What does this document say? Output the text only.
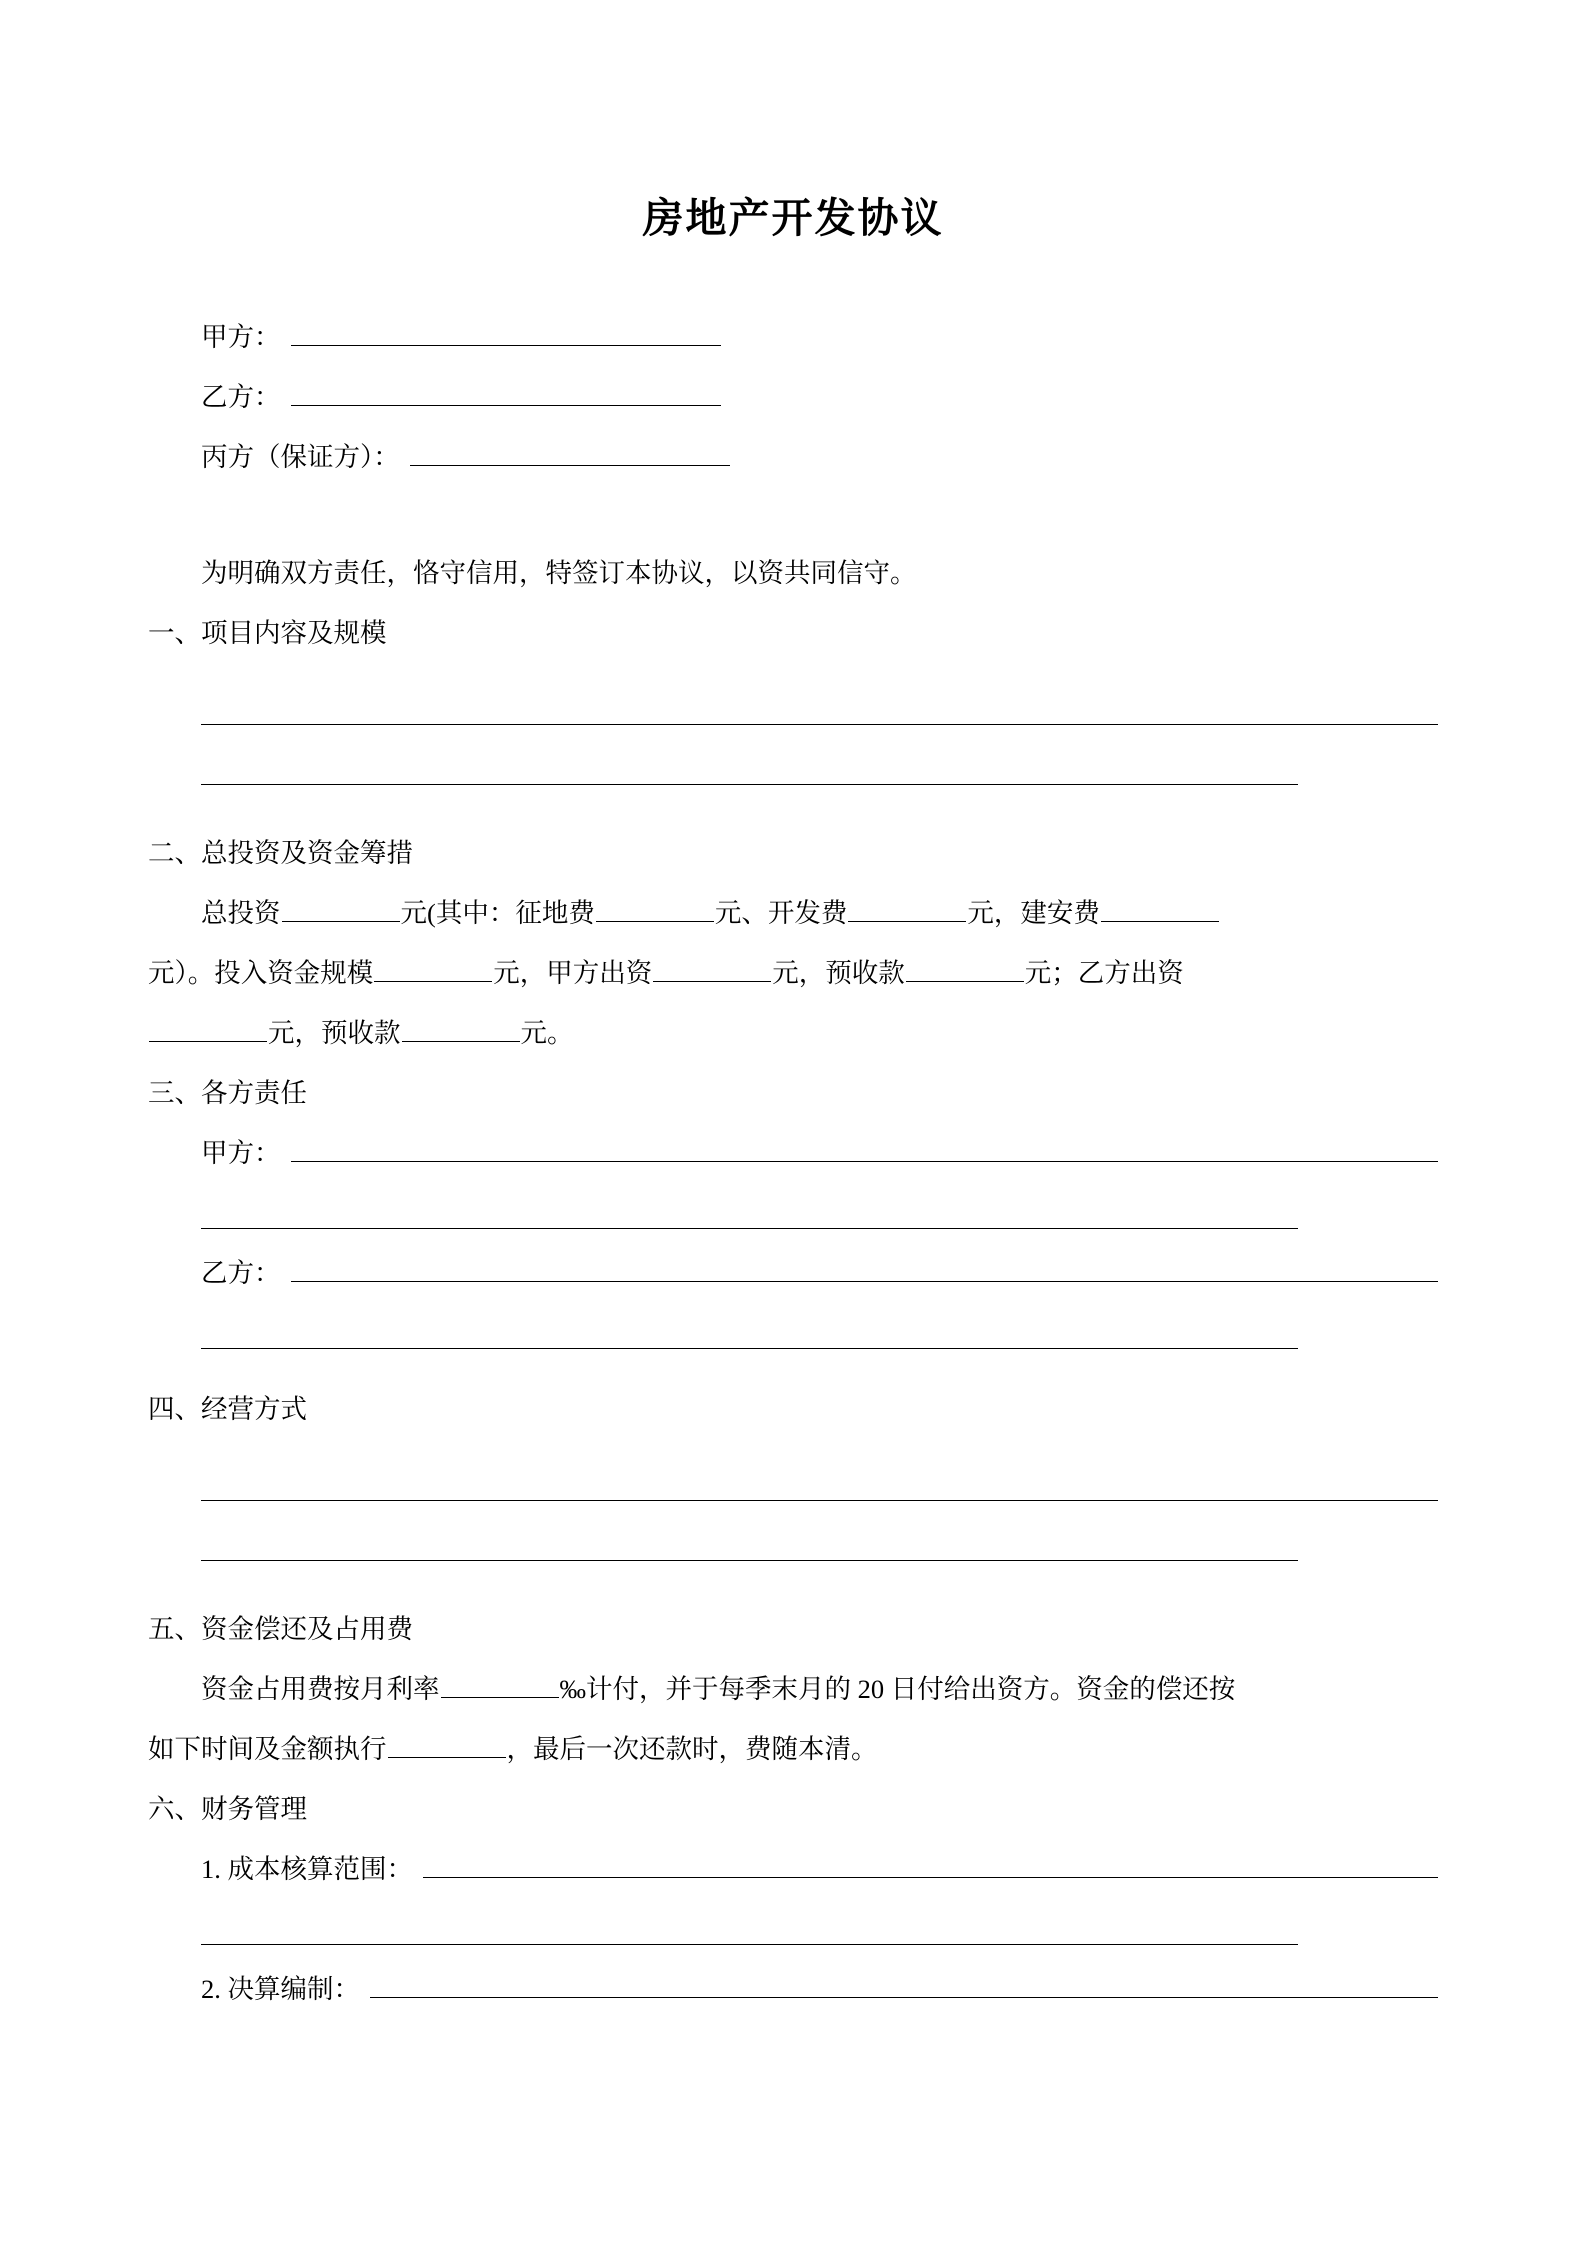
房地产开发协议
甲方：
乙方：
丙方（保证方）：

为明确双方责任，恪守信用，特签订本协议，以资共同信守。

一、项目内容及规模

二、总投资及资金筹措

总投资	元(其中：征地费	元、开发费	元，建安费

元）。投入资金规模	元，甲方出资	元，预收款	元；乙方出资

元，预收款	元。

三、各方责任

甲方：
乙方：

四、经营方式

五、资金偿还及占用费

资金占用费按月利率	‰计付，并于每季末月的 20 日付给出资方。资金的偿还按

如下时间及金额执行	，最后一次还款时，费随本清。

六、财务管理

1. 成本核算范围：
2. 决算编制：
